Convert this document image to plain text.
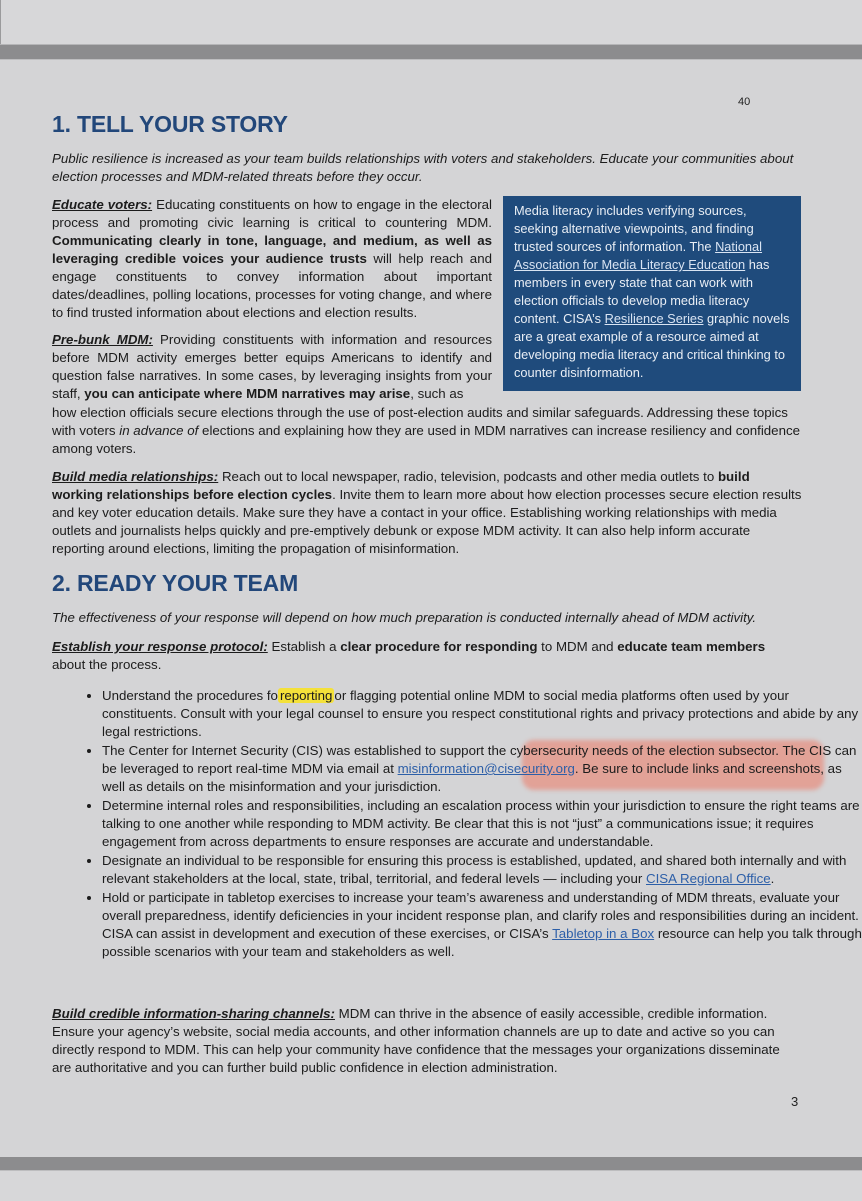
40
1. TELL YOUR STORY
Public resilience is increased as your team builds relationships with voters and stakeholders. Educate your communities about election processes and MDM-related threats before they occur.
Educate voters: Educating constituents on how to engage in the electoral process and promoting civic learning is critical to countering MDM. Communicating clearly in tone, language, and medium, as well as leveraging credible voices your audience trusts will help reach and engage constituents to convey information about important dates/deadlines, polling locations, processes for voting change, and where to find trusted information about elections and election results.
Pre-bunk MDM: Providing constituents with information and resources before MDM activity emerges better equips Americans to identify and question false narratives. In some cases, by leveraging insights from your staff, you can anticipate where MDM narratives may arise, such as
how election officials secure elections through the use of post-election audits and similar safeguards. Addressing these topics with voters in advance of elections and explaining how they are used in MDM narratives can increase resiliency and confidence among voters.
Media literacy includes verifying sources, seeking alternative viewpoints, and finding trusted sources of information. The National Association for Media Literacy Education has members in every state that can work with election officials to develop media literacy content. CISA’s Resilience Series graphic novels are a great example of a resource aimed at developing media literacy and critical thinking to counter disinformation.
Build media relationships: Reach out to local newspaper, radio, television, podcasts and other media outlets to build working relationships before election cycles. Invite them to learn more about how election processes secure election results and key voter education details. Make sure they have a contact in your office. Establishing working relationships with media outlets and journalists helps quickly and pre-emptively debunk or expose MDM activity. It can also help inform accurate reporting around elections, limiting the propagation of misinformation.
2. READY YOUR TEAM
The effectiveness of your response will depend on how much preparation is conducted internally ahead of MDM activity.
Establish your response protocol: Establish a clear procedure for responding to MDM and educate team members about the process.
• Understand the procedures fo reporting or flagging potential online MDM to social media platforms often used by your constituents. Consult with your legal counsel to ensure you respect constitutional rights and privacy protections and abide by any legal restrictions.
• The Center for Internet Security (CIS) was established to support the cybersecurity needs of the election subsector. The CIS can be leveraged to report real-time MDM via email at misinformation@cisecurity.org. Be sure to include links and screenshots, as well as details on the misinformation and your jurisdiction.
• Determine internal roles and responsibilities, including an escalation process within your jurisdiction to ensure the right teams are talking to one another while responding to MDM activity. Be clear that this is not “just” a communications issue; it requires engagement from across departments to ensure responses are accurate and understandable.
• Designate an individual to be responsible for ensuring this process is established, updated, and shared both internally and with relevant stakeholders at the local, state, tribal, territorial, and federal levels — including your CISA Regional Office.
• Hold or participate in tabletop exercises to increase your team’s awareness and understanding of MDM threats, evaluate your overall preparedness, identify deficiencies in your incident response plan, and clarify roles and responsibilities during an incident. CISA can assist in development and execution of these exercises, or CISA’s Tabletop in a Box resource can help you talk through possible scenarios with your team and stakeholders as well.
Build credible information-sharing channels: MDM can thrive in the absence of easily accessible, credible information. Ensure your agency’s website, social media accounts, and other information channels are up to date and active so you can directly respond to MDM. This can help your community have confidence that the messages your organizations disseminate are authoritative and you can further build public confidence in election administration.
3
